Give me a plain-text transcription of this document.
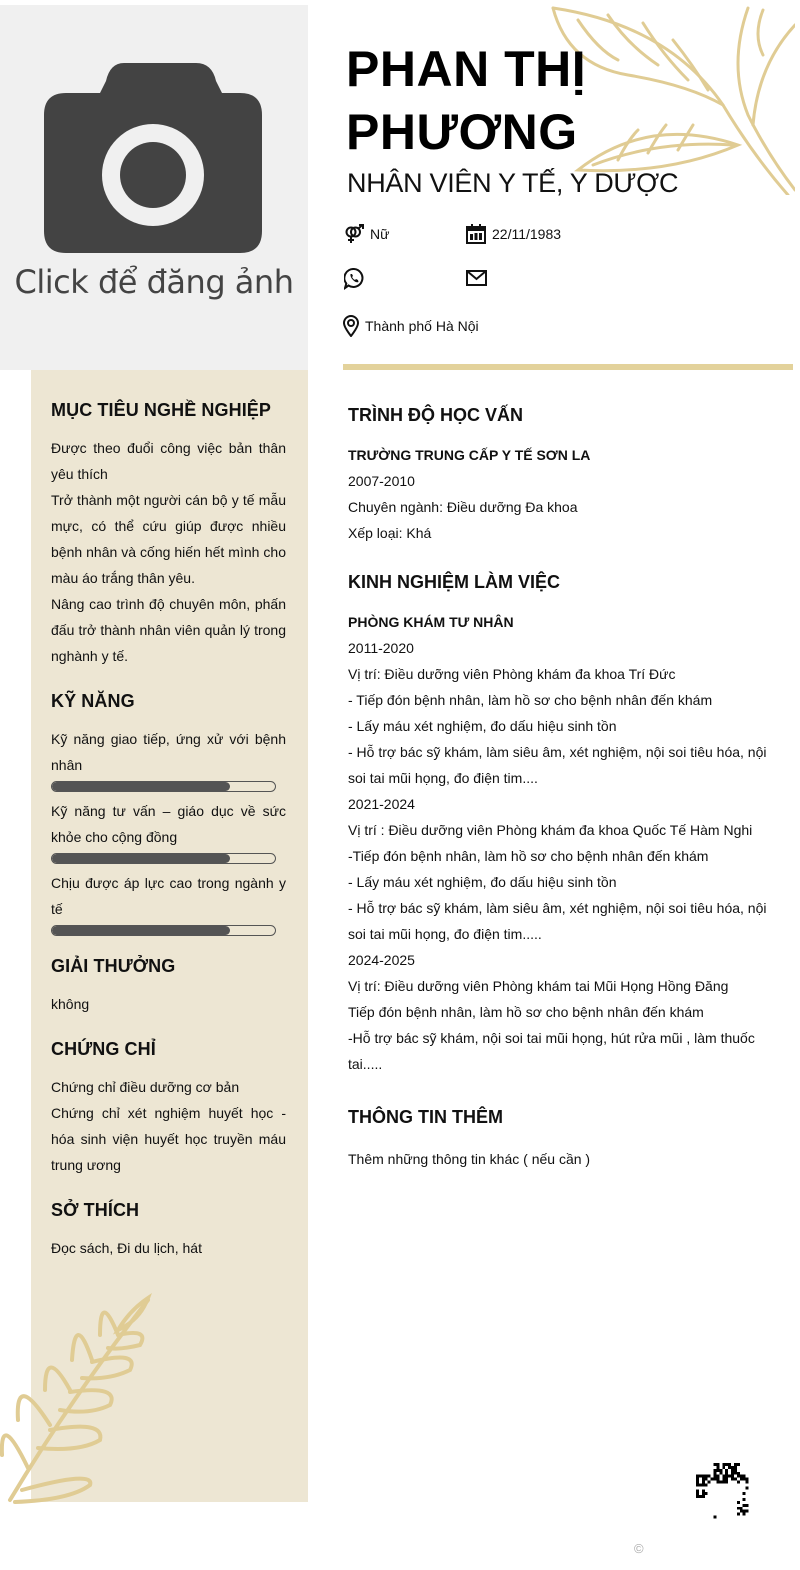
Click để đăng ảnh
MỤC TIÊU NGHỀ NGHIỆP
Được theo đuổi công việc bản thân yêu thích
Trở thành một người cán bộ y tế mẫu mực, có thể cứu giúp được nhiều bệnh nhân và cống hiến hết mình cho màu áo trắng thân yêu.
Nâng cao trình độ chuyên môn, phấn đấu trở thành nhân viên quản lý trong nghành y tế.
KỸ NĂNG
Kỹ năng giao tiếp, ứng xử với bệnh nhân
Kỹ năng tư vấn – giáo dục về sức khỏe cho cộng đồng
Chịu được áp lực cao trong ngành y tế
GIẢI THƯỞNG
không
CHỨNG CHỈ
Chứng chỉ điều dưỡng cơ bản
Chứng chỉ xét nghiệm huyết học - hóa sinh viện huyết học truyền máu trung ương
SỞ THÍCH
Đọc sách, Đi du lịch, hát
PHAN THỊ
PHƯƠNG
NHÂN VIÊN Y TẾ, Y DƯỢC
Nữ	22/11/1983
Thành phố Hà Nội
TRÌNH ĐỘ HỌC VẤN
TRƯỜNG TRUNG CẤP Y TẾ SƠN LA
2007-2010
Chuyên ngành: Điều dưỡng Đa khoa
Xếp loại: Khá
KINH NGHIỆM LÀM VIỆC
PHÒNG KHÁM TƯ NHÂN
2011-2020
Vị trí: Điều dưỡng viên Phòng khám đa khoa Trí Đức
- Tiếp đón bệnh nhân, làm hồ sơ cho bệnh nhân đến khám
- Lấy máu xét nghiệm, đo dấu hiệu sinh tồn
- Hỗ trợ bác sỹ khám, làm siêu âm, xét nghiệm, nội soi tiêu hóa, nội soi tai mũi họng, đo điện tim....
2021-2024
Vị trí : Điều dưỡng viên Phòng khám đa khoa Quốc Tế Hàm Nghi
-Tiếp đón bệnh nhân, làm hồ sơ cho bệnh nhân đến khám
- Lấy máu xét nghiệm, đo dấu hiệu sinh tồn
- Hỗ trợ bác sỹ khám, làm siêu âm, xét nghiệm, nội soi tiêu hóa, nội soi tai mũi họng, đo điện tim.....
2024-2025
Vị trí: Điều dưỡng viên Phòng khám tai Mũi Họng Hồng Đăng
Tiếp đón bệnh nhân, làm hồ sơ cho bệnh nhân đến khám
-Hỗ trợ bác sỹ khám, nội soi tai mũi họng, hút rửa mũi , làm thuốc tai.....
THÔNG TIN THÊM
Thêm những thông tin khác ( nếu cần )
©
